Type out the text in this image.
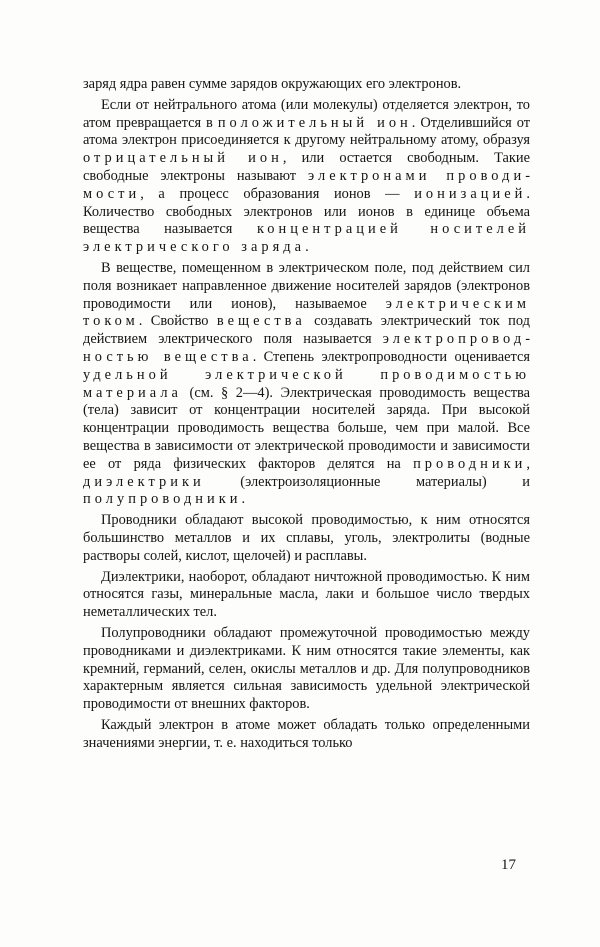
заряд ядра равен сумме зарядов окружающих его электронов.

Если от нейтрального атома (или молекулы) отделяется электрон, то атом превращается в положительный ион. Отделившийся от атома электрон присоединяется к другому нейтральному атому, образуя отрицательный ион, или остается свободным. Такие свободные электроны называют электронами проводимости, а процесс образования ионов — ионизацией. Количество свободных электронов или ионов в единице объема вещества называется концентрацией носителей электрического заряда.

В веществе, помещенном в электрическом поле, под действием сил поля возникает направленное движение носителей зарядов (электронов проводимости или ионов), называемое электрическим током. Свойство вещества создавать электрический ток под действием электрического поля называется электропроводностью вещества. Степень электропроводности оценивается удельной электрической проводимостью материала (см. § 2—4). Электрическая проводимость вещества (тела) зависит от концентрации носителей заряда. При высокой концентрации проводимость вещества больше, чем при малой. Все вещества в зависимости от электрической проводимости и зависимости ее от ряда физических факторов делятся на проводники, диэлектрики (электроизоляционные материалы) и полупроводники.

Проводники обладают высокой проводимостью, к ним относятся большинство металлов и их сплавы, уголь, электролиты (водные растворы солей, кислот, щелочей) и расплавы.

Диэлектрики, наоборот, обладают ничтожной проводимостью. К ним относятся газы, минеральные масла, лаки и большое число твердых неметаллических тел.

Полупроводники обладают промежуточной проводимостью между проводниками и диэлектриками. К ним относятся такие элементы, как кремний, германий, селен, окислы металлов и др. Для полупроводников характерным является сильная зависимость удельной электрической проводимости от внешних факторов.

Каждый электрон в атоме может обладать только определенными значениями энергии, т. е. находиться только

17
